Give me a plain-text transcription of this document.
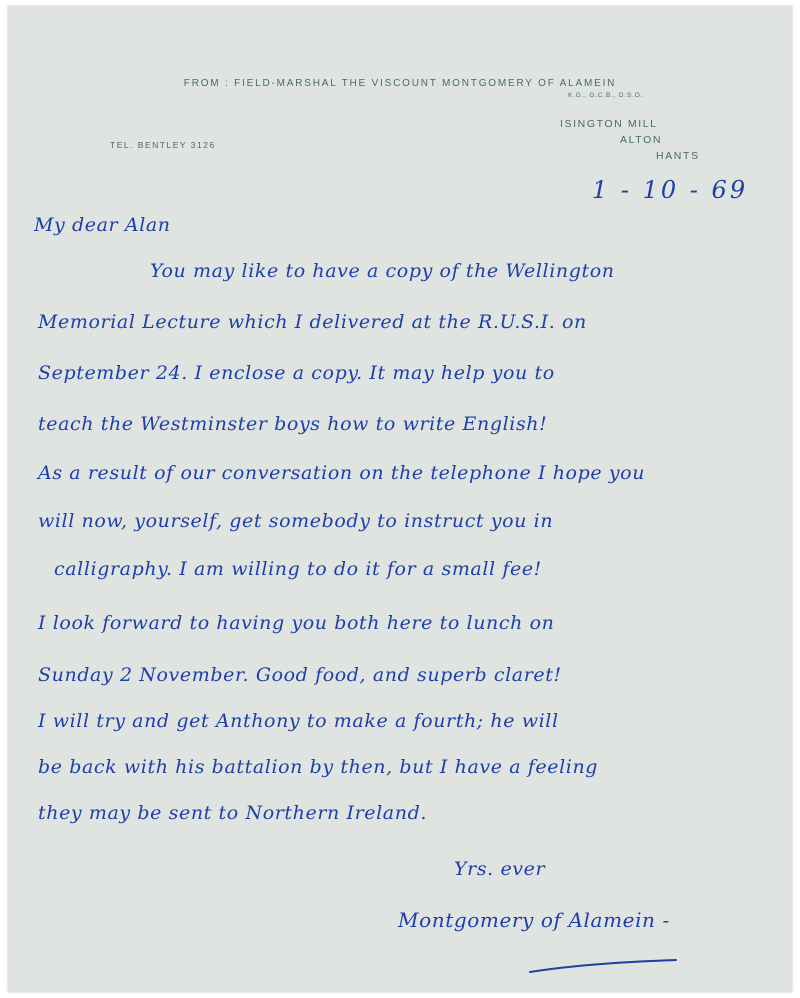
FROM : FIELD-MARSHAL THE VISCOUNT MONTGOMERY OF ALAMEIN
K.G., G.C.B., D.S.O.
TEL. BENTLEY 3126
ISINGTON MILL
ALTON
HANTS
1 - 10 - 69
My dear Alan
You may like to have a copy of the Wellington
Memorial Lecture which I delivered at the R.U.S.I. on
September 24. I enclose a copy. It may help you to
teach the Westminster boys how to write English!
As a result of our conversation on the telephone I hope you
will now, yourself, get somebody to instruct you in
calligraphy. I am willing to do it for a small fee!
I look forward to having you both here to lunch on
Sunday 2 November. Good food, and superb claret!
I will try and get Anthony to make a fourth; he will
be back with his battalion by then, but I have a feeling
they may be sent to Northern Ireland.
Yrs. ever
Montgomery of Alamein -
